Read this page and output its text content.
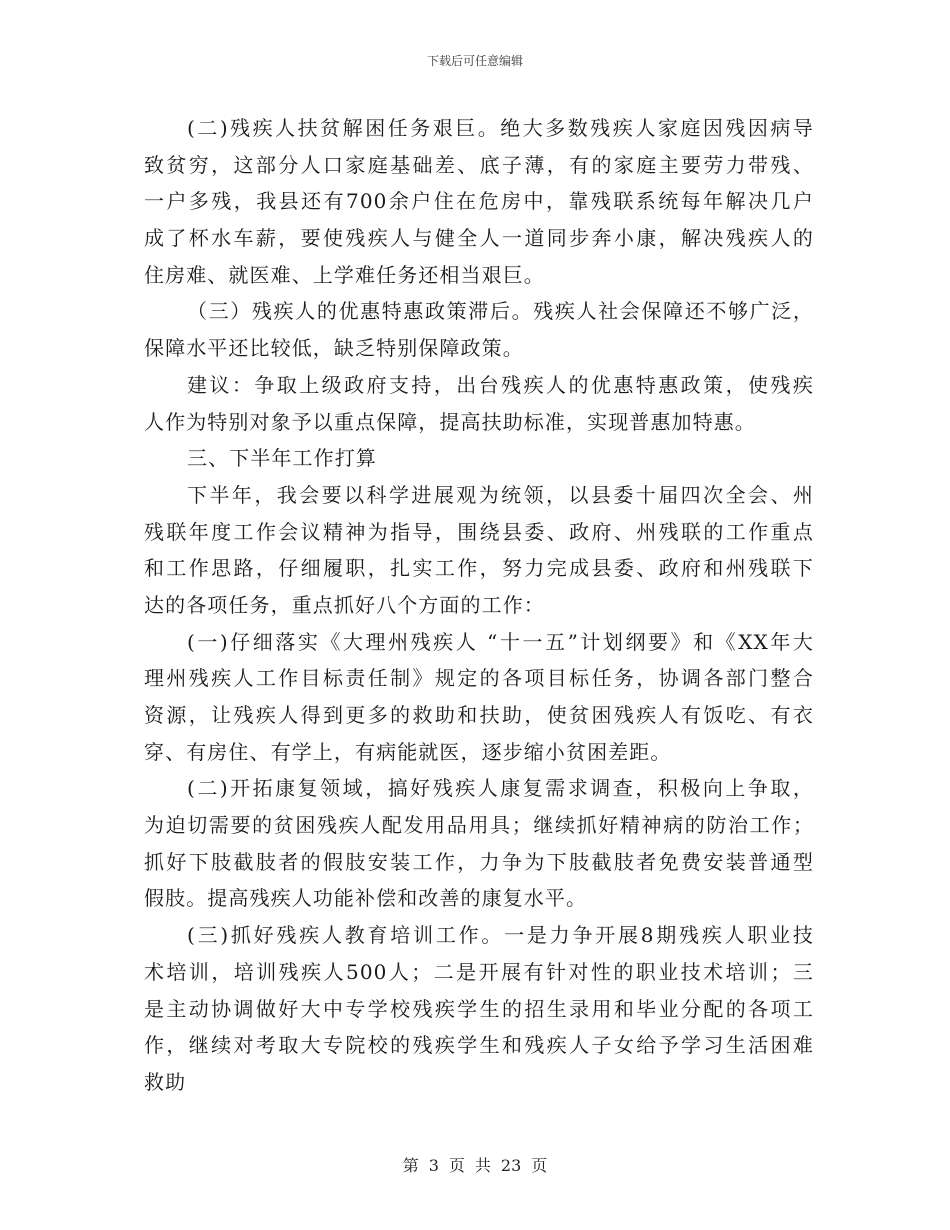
下载后可任意编辑
(二)残疾人扶贫解困任务艰巨。绝大多数残疾人家庭因残因病导
致贫穷，这部分人口家庭基础差、底子薄，有的家庭主要劳力带残、
一户多残，我县还有700余户住在危房中，靠残联系统每年解决几户
成了杯水车薪，要使残疾人与健全人一道同步奔小康，解决残疾人的
住房难、就医难、上学难任务还相当艰巨。
（三）残疾人的优惠特惠政策滞后。残疾人社会保障还不够广泛，
保障水平还比较低，缺乏特别保障政策。
建议：争取上级政府支持，出台残疾人的优惠特惠政策，使残疾
人作为特别对象予以重点保障，提高扶助标准，实现普惠加特惠。
三、下半年工作打算
下半年，我会要以科学进展观为统领，以县委十届四次全会、州
残联年度工作会议精神为指导，围绕县委、政府、州残联的工作重点
和工作思路，仔细履职，扎实工作，努力完成县委、政府和州残联下
达的各项任务，重点抓好八个方面的工作：
(一)仔细落实《大理州残疾人 “十一五”计划纲要》和《XX年大
理州残疾人工作目标责任制》规定的各项目标任务，协调各部门整合
资源，让残疾人得到更多的救助和扶助，使贫困残疾人有饭吃、有衣
穿、有房住、有学上，有病能就医，逐步缩小贫困差距。
(二)开拓康复领域，搞好残疾人康复需求调查，积极向上争取，
为迫切需要的贫困残疾人配发用品用具；继续抓好精神病的防治工作；
抓好下肢截肢者的假肢安装工作，力争为下肢截肢者免费安装普通型
假肢。提高残疾人功能补偿和改善的康复水平。
(三)抓好残疾人教育培训工作。一是力争开展8期残疾人职业技
术培训，培训残疾人500人；二是开展有针对性的职业技术培训；三
是主动协调做好大中专学校残疾学生的招生录用和毕业分配的各项工
作，继续对考取大专院校的残疾学生和残疾人子女给予学习生活困难
救助
第 3 页 共 23 页
